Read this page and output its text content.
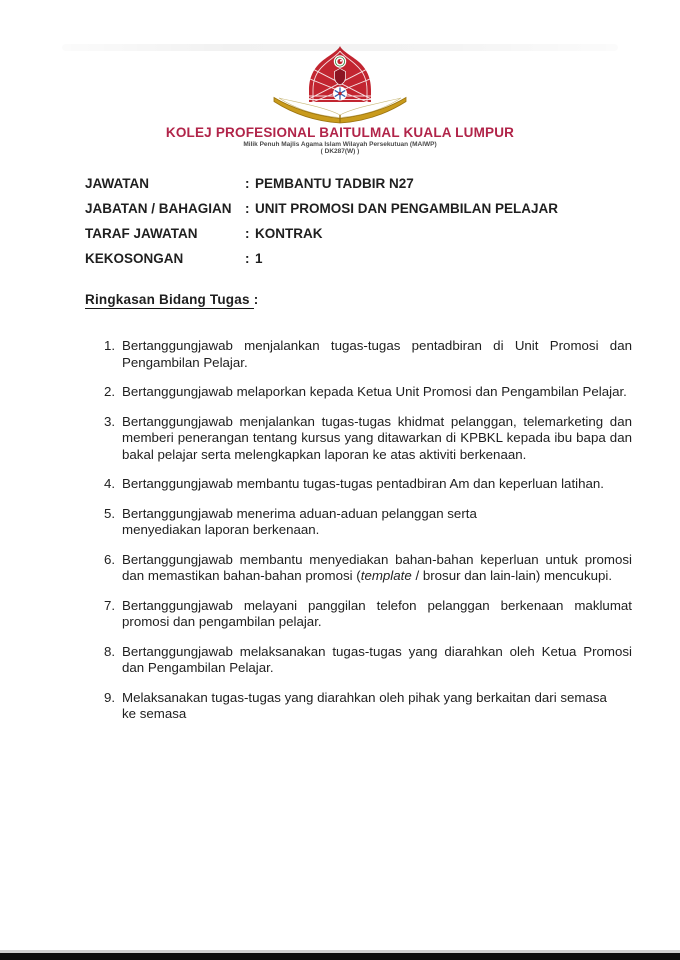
KOLEJ PROFESIONAL BAITULMAL KUALA LUMPUR
Milik Penuh Majlis Agama Islam Wilayah Persekutuan (MAIWP)
( DK287(W) )
JAWATAN	: PEMBANTU TADBIR N27
JABATAN / BAHAGIAN	: UNIT PROMOSI DAN PENGAMBILAN PELAJAR
TARAF JAWATAN	: KONTRAK
KEKOSONGAN	: 1
Ringkasan Bidang Tugas :
1. Bertanggungjawab menjalankan tugas-tugas pentadbiran di Unit Promosi dan Pengambilan Pelajar.
2. Bertanggungjawab melaporkan kepada Ketua Unit Promosi dan Pengambilan Pelajar.
3. Bertanggungjawab menjalankan tugas-tugas khidmat pelanggan, telemarketing dan memberi penerangan tentang kursus yang ditawarkan di KPBKL kepada ibu bapa dan bakal pelajar serta melengkapkan laporan ke atas aktiviti berkenaan.
4. Bertanggungjawab membantu tugas-tugas pentadbiran Am dan keperluan latihan.
5. Bertanggungjawab menerima aduan-aduan pelanggan serta menyediakan laporan berkenaan.
6. Bertanggungjawab membantu menyediakan bahan-bahan keperluan untuk promosi dan memastikan bahan-bahan promosi (template / brosur dan lain-lain) mencukupi.
7. Bertanggungjawab melayani panggilan telefon pelanggan berkenaan maklumat promosi dan pengambilan pelajar.
8. Bertanggungjawab melaksanakan tugas-tugas yang diarahkan oleh Ketua Promosi dan Pengambilan Pelajar.
9. Melaksanakan tugas-tugas yang diarahkan oleh pihak yang berkaitan dari semasa ke semasa
